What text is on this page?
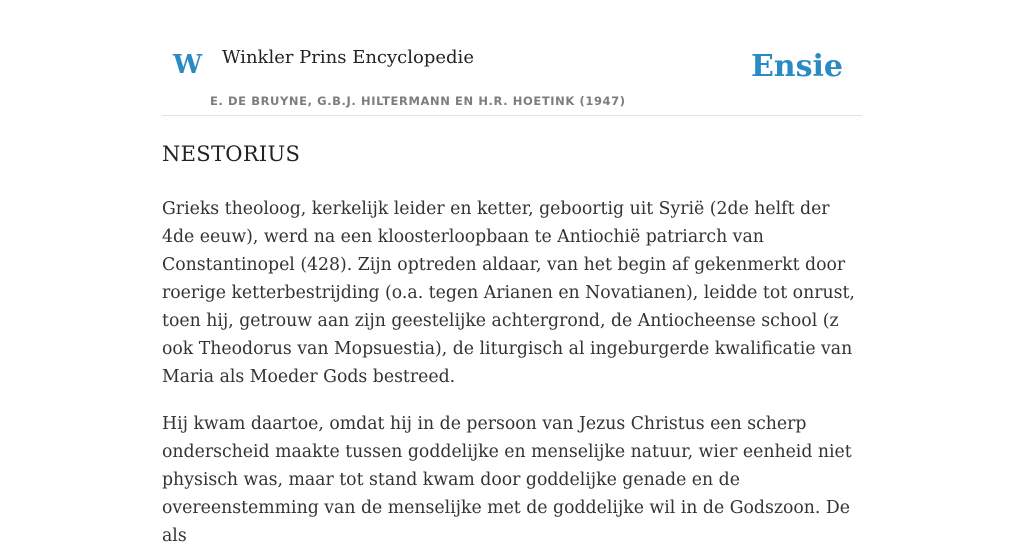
W Winkler Prins Encyclopedie
E. DE BRUYNE, G.B.J. HILTERMANN EN H.R. HOETINK (1947)
Ensie
NESTORIUS

Grieks theoloog, kerkelijk leider en ketter, geboortig uit Syrië (2de helft der 4de eeuw), werd na een kloosterloopbaan te Antiochië patriarch van Constantinopel (428). Zijn optreden aldaar, van het begin af gekenmerkt door roerige ketterbestrijding (o.a. tegen Arianen en Novatianen), leidde tot onrust, toen hij, getrouw aan zijn geestelijke achtergrond, de Antiocheense school (z ook Theodorus van Mopsuestia), de liturgisch al ingeburgerde kwalificatie van Maria als Moeder Gods bestreed.

Hij kwam daartoe, omdat hij in de persoon van Jezus Christus een scherp onderscheid maakte tussen goddelijke en menselijke natuur, wier eenheid niet physisch was, maar tot stand kwam door goddelijke genade en de overeenstemming van de menselijke met de goddelijke wil in de Godszoon. De als
